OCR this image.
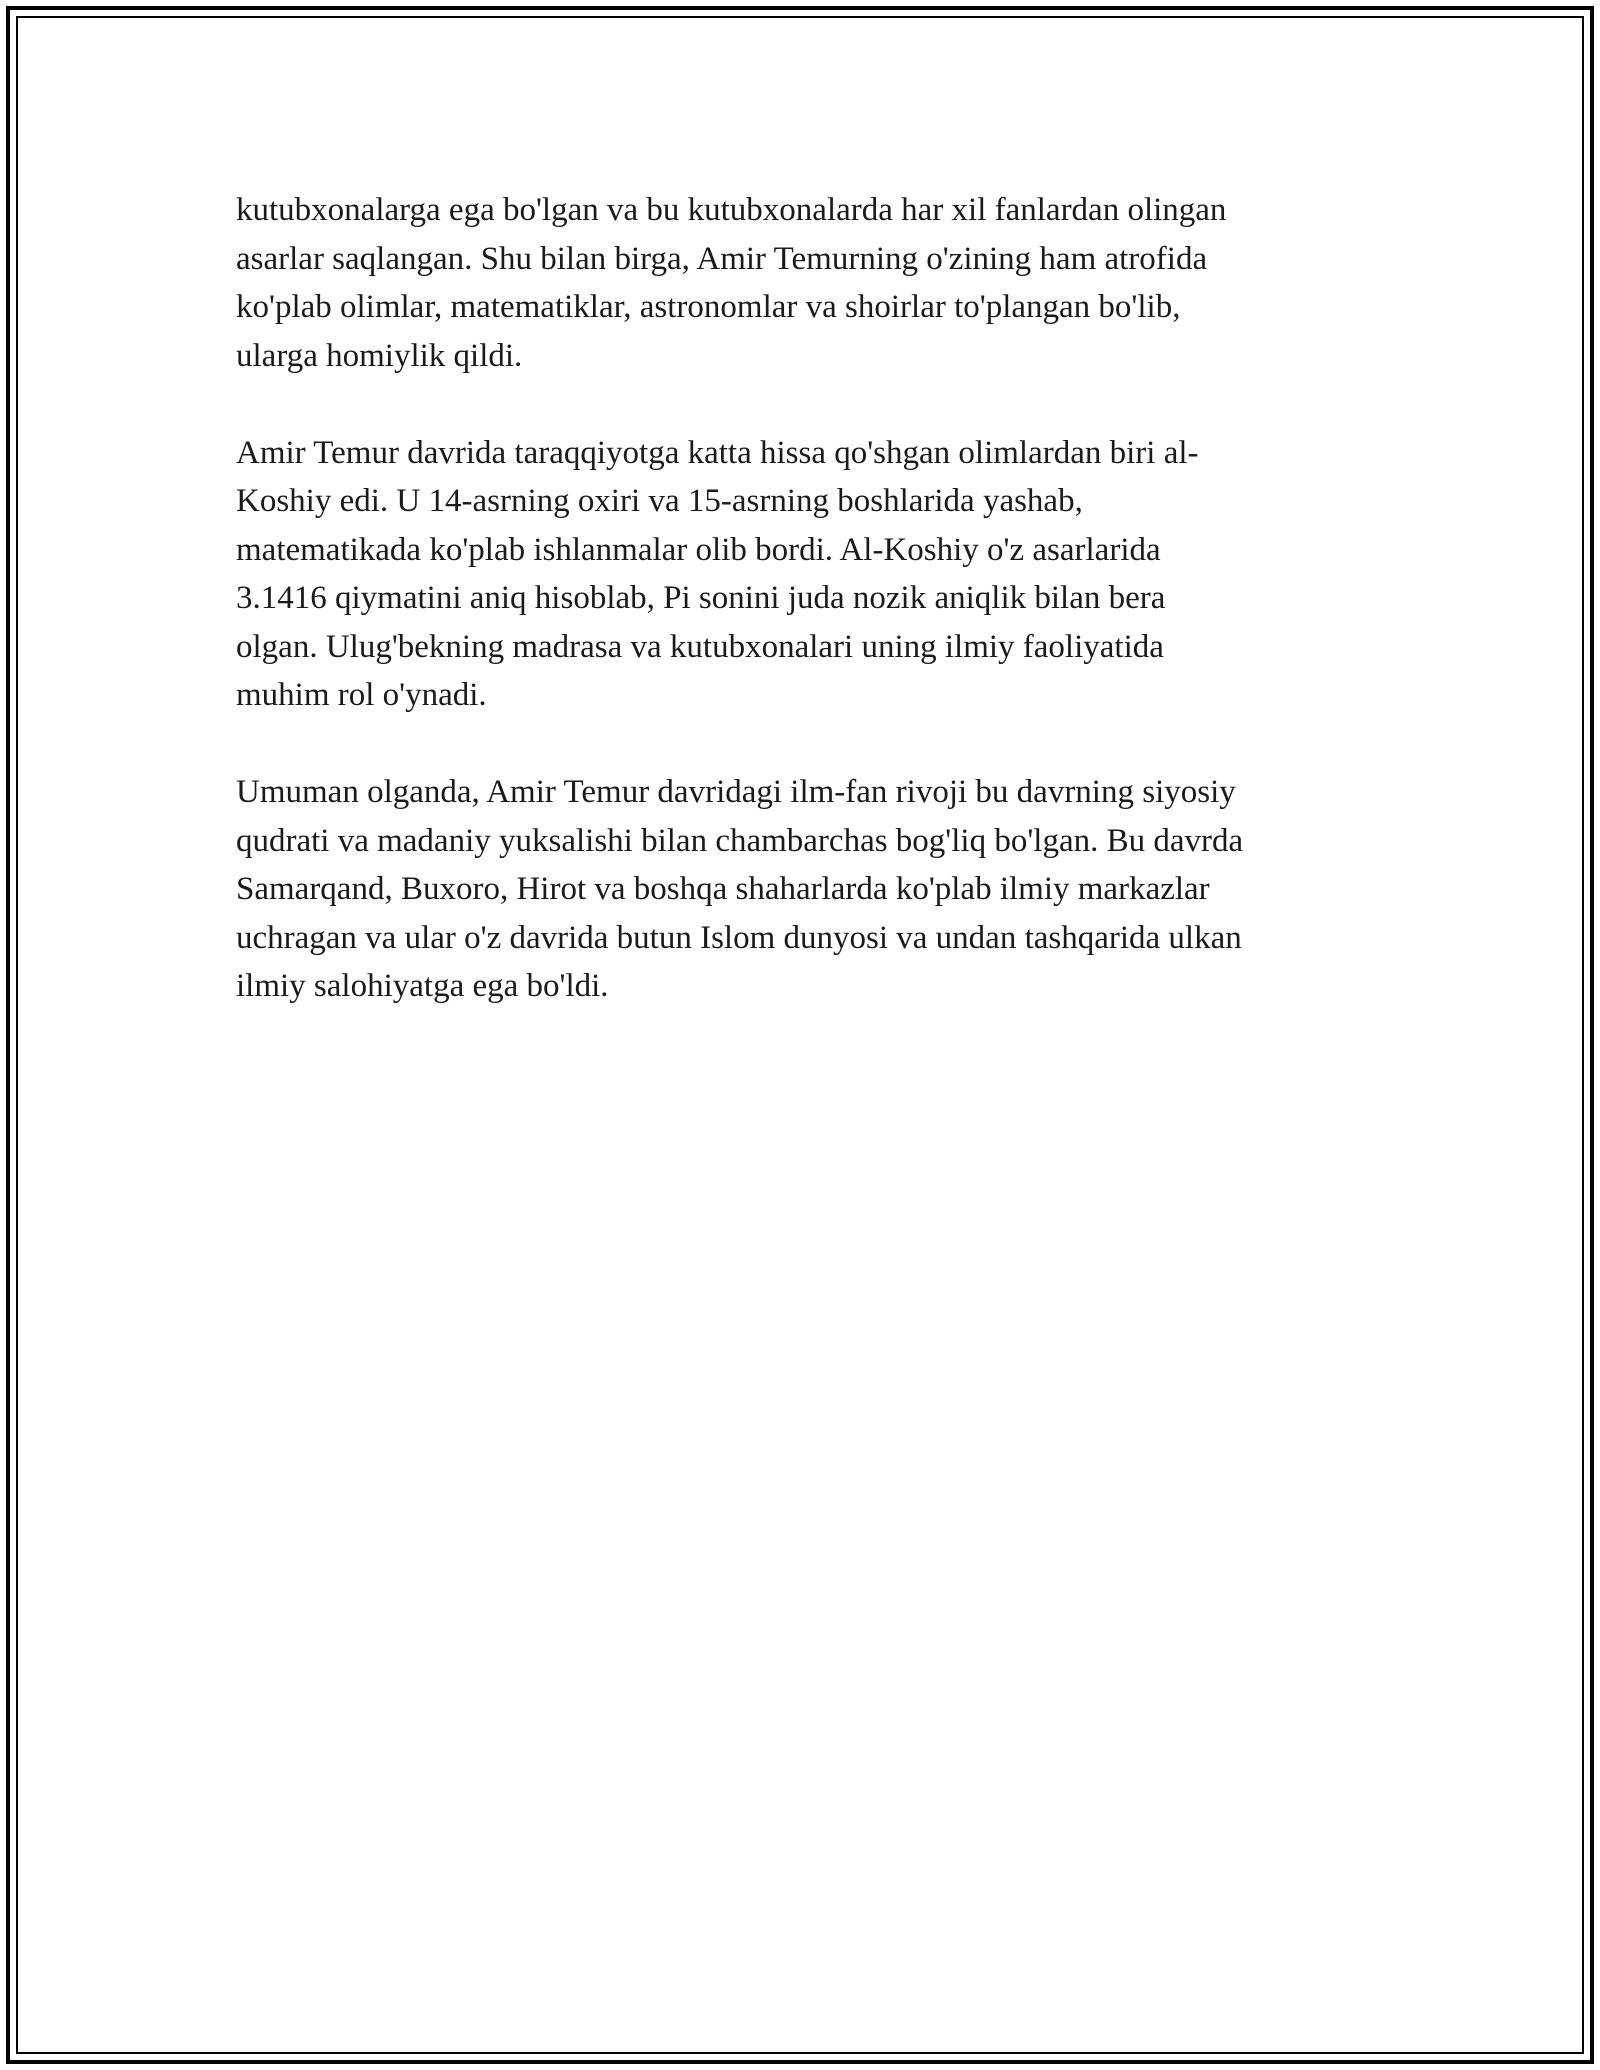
kutubxonalarga ega bo'lgan va bu kutubxonalarda har xil fanlardan olingan
asarlar saqlangan. Shu bilan birga, Amir Temurning o'zining ham atrofida
ko'plab olimlar, matematiklar, astronomlar va shoirlar to'plangan bo'lib,
ularga homiylik qildi.

Amir Temur davrida taraqqiyotga katta hissa qo'shgan olimlardan biri al-
Koshiy edi. U 14-asrning oxiri va 15-asrning boshlarida yashab,
matematikada ko'plab ishlanmalar olib bordi. Al-Koshiy o'z asarlarida
3.1416 qiymatini aniq hisoblab, Pi sonini juda nozik aniqlik bilan bera
olgan. Ulug'bekning madrasa va kutubxonalari uning ilmiy faoliyatida
muhim rol o'ynadi.

Umuman olganda, Amir Temur davridagi ilm-fan rivoji bu davrning siyosiy
qudrati va madaniy yuksalishi bilan chambarchas bog'liq bo'lgan. Bu davrda
Samarqand, Buxoro, Hirot va boshqa shaharlarda ko'plab ilmiy markazlar
uchragan va ular o'z davrida butun Islom dunyosi va undan tashqarida ulkan
ilmiy salohiyatga ega bo'ldi.
